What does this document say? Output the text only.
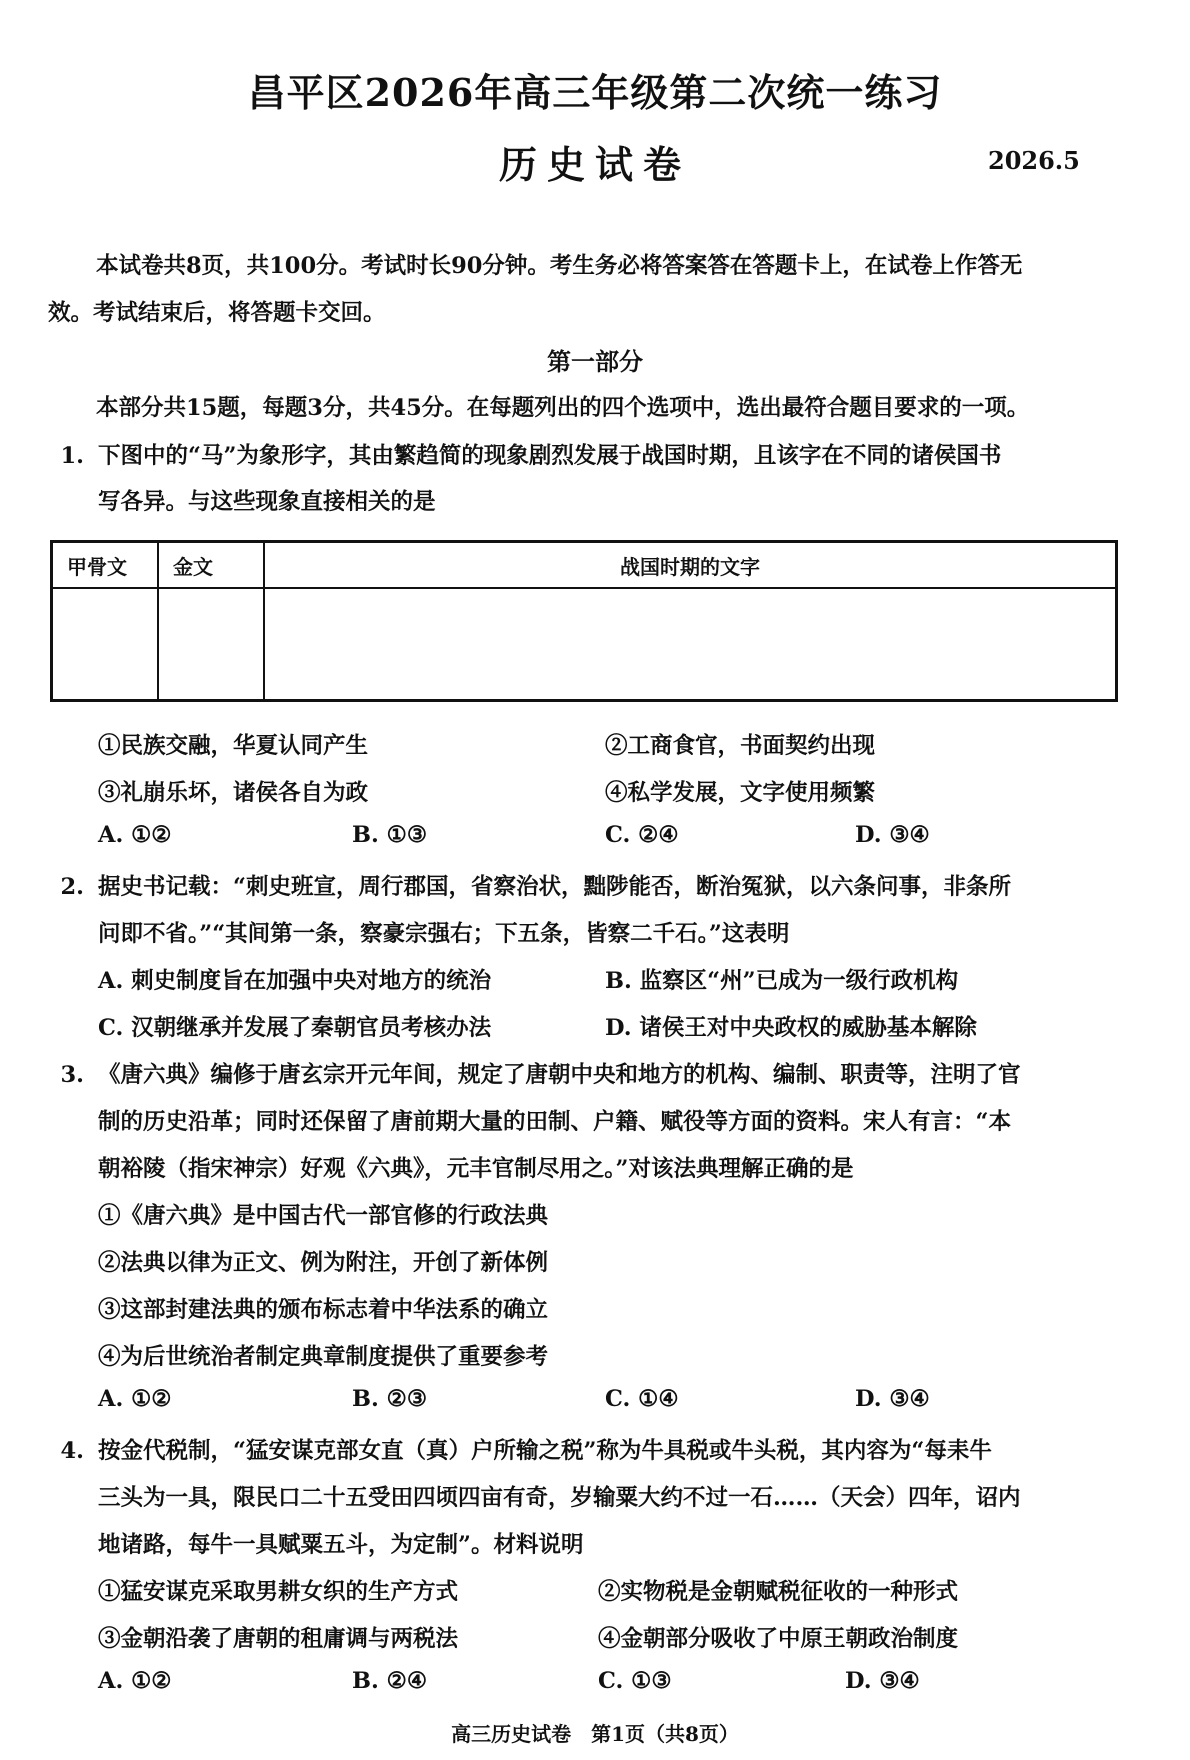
昌平区2026年高三年级第二次统一练习
历史试卷	2026.5
本试卷共8页，共100分。考试时长90分钟。考生务必将答案答在答题卡上，在试卷上作答无
效。考试结束后，将答题卡交回。
第一部分
本部分共15题，每题3分，共45分。在每题列出的四个选项中，选出最符合题目要求的一项。
1. 下图中的“马”为象形字，其由繁趋简的现象剧烈发展于战国时期，且该字在不同的诸侯国书
写各异。与这些现象直接相关的是
甲骨文	金文	战国时期的文字

①民族交融，华夏认同产生	②工商食官，书面契约出现
③礼崩乐坏，诸侯各自为政	④私学发展，文字使用频繁
A. ①②	B. ①③	C. ②④	D. ③④
2. 据史书记载：“刺史班宣，周行郡国，省察治状，黜陟能否，断治冤狱，以六条问事，非条所
问即不省。”“其间第一条，察豪宗强右；下五条，皆察二千石。”这表明
A. 刺史制度旨在加强中央对地方的统治	B. 监察区“州”已成为一级行政机构
C. 汉朝继承并发展了秦朝官员考核办法	D. 诸侯王对中央政权的威胁基本解除
3. 《唐六典》编修于唐玄宗开元年间，规定了唐朝中央和地方的机构、编制、职责等，注明了官
制的历史沿革；同时还保留了唐前期大量的田制、户籍、赋役等方面的资料。宋人有言：“本
朝裕陵（指宋神宗）好观《六典》，元丰官制尽用之。”对该法典理解正确的是
①《唐六典》是中国古代一部官修的行政法典
②法典以律为正文、例为附注，开创了新体例
③这部封建法典的颁布标志着中华法系的确立
④为后世统治者制定典章制度提供了重要参考
A. ①②	B. ②③	C. ①④	D. ③④
4. 按金代税制，“猛安谋克部女直（真）户所输之税”称为牛具税或牛头税，其内容为“每耒牛
三头为一具，限民口二十五受田四顷四亩有奇，岁输粟大约不过一石……（天会）四年，诏内
地诸路，每牛一具赋粟五斗，为定制”。材料说明
①猛安谋克采取男耕女织的生产方式	②实物税是金朝赋税征收的一种形式
③金朝沿袭了唐朝的租庸调与两税法	④金朝部分吸收了中原王朝政治制度
A. ①②	B. ②④	C. ①③	D. ③④
高三历史试卷　第1页（共8页）
